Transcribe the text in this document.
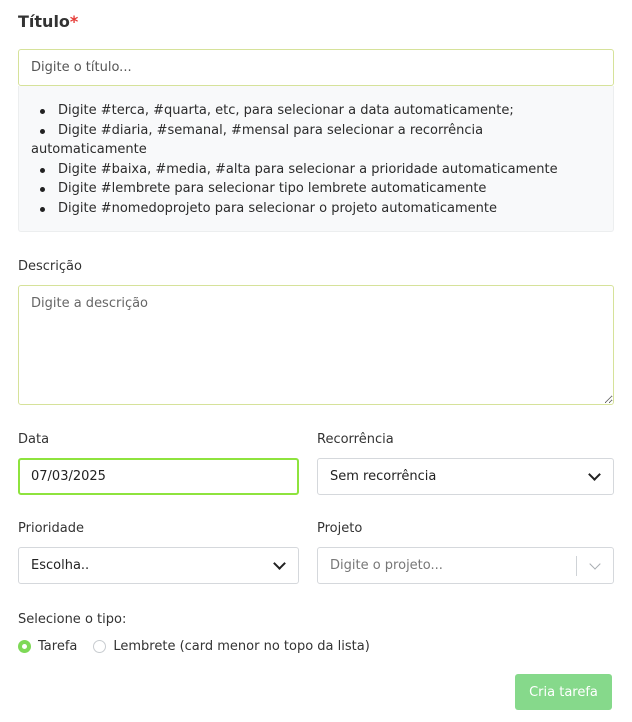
Título*
Digite o título...
Digite #terca, #quarta, etc, para selecionar a data automaticamente;
Digite #diaria, #semanal, #mensal para selecionar a recorrência automaticamente
Digite #baixa, #media, #alta para selecionar a prioridade automaticamente
Digite #lembrete para selecionar tipo lembrete automaticamente
Digite #nomedoprojeto para selecionar o projeto automaticamente
Descrição
Digite a descrição
Data
07/03/2025
Recorrência
Sem recorrência
Prioridade
Escolha..
Projeto
Digite o projeto...
Selecione o tipo:
Tarefa	Lembrete (card menor no topo da lista)
Cria tarefa
